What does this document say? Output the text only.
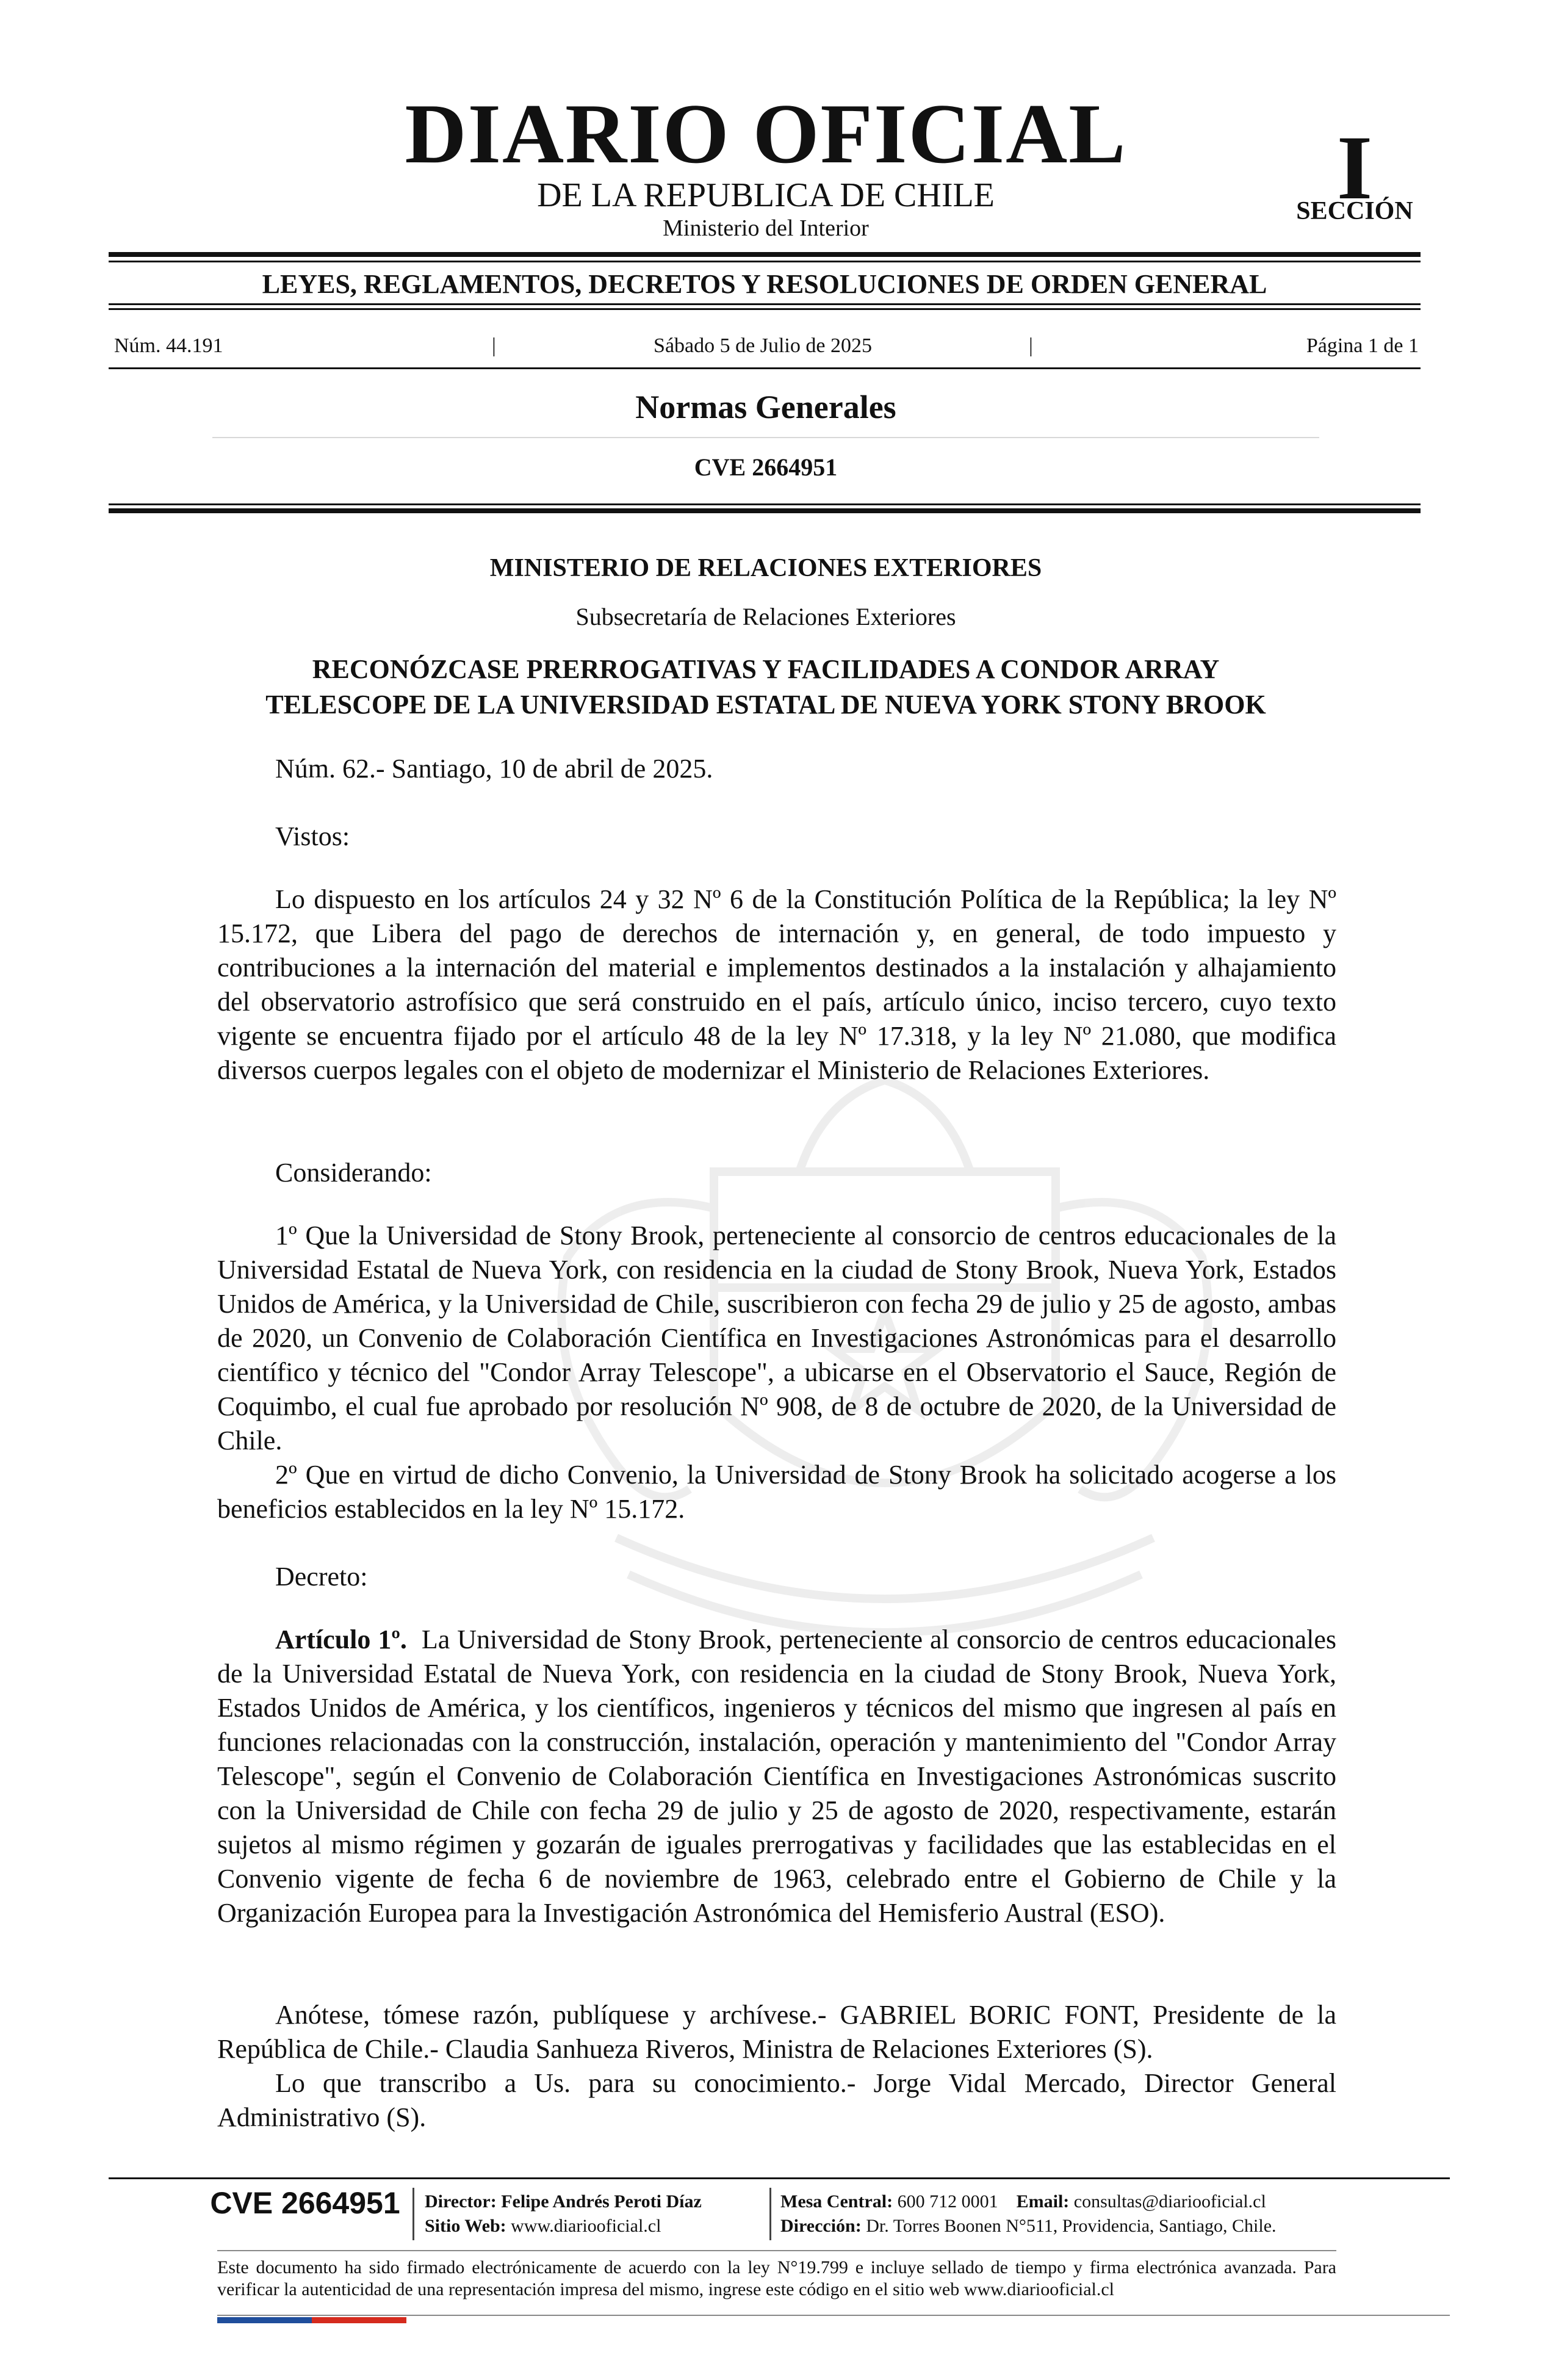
DIARIO OFICIAL
DE LA REPUBLICA DE CHILE
Ministerio del Interior
I
SECCIÓN
LEYES, REGLAMENTOS, DECRETOS Y RESOLUCIONES DE ORDEN GENERAL
Núm. 44.191	|	Sábado 5 de Julio de 2025	|	Página 1 de 1
Normas Generales
CVE 2664951
MINISTERIO DE RELACIONES EXTERIORES
Subsecretaría de Relaciones Exteriores
RECONÓZCASE PRERROGATIVAS Y FACILIDADES A CONDOR ARRAY
TELESCOPE DE LA UNIVERSIDAD ESTATAL DE NUEVA YORK STONY BROOK

Núm. 62.- Santiago, 10 de abril de 2025.

Vistos:

Lo dispuesto en los artículos 24 y 32 Nº 6 de la Constitución Política de la República; la ley Nº 15.172, que Libera del pago de derechos de internación y, en general, de todo impuesto y contribuciones a la internación del material e implementos destinados a la instalación y alhajamiento del observatorio astrofísico que será construido en el país, artículo único, inciso tercero, cuyo texto vigente se encuentra fijado por el artículo 48 de la ley Nº 17.318, y la ley Nº 21.080, que modifica diversos cuerpos legales con el objeto de modernizar el Ministerio de Relaciones Exteriores.

Considerando:

1º Que la Universidad de Stony Brook, perteneciente al consorcio de centros educacionales de la Universidad Estatal de Nueva York, con residencia en la ciudad de Stony Brook, Nueva York, Estados Unidos de América, y la Universidad de Chile, suscribieron con fecha 29 de julio y 25 de agosto, ambas de 2020, un Convenio de Colaboración Científica en Investigaciones Astronómicas para el desarrollo científico y técnico del "Condor Array Telescope", a ubicarse en el Observatorio el Sauce, Región de Coquimbo, el cual fue aprobado por resolución Nº 908, de 8 de octubre de 2020, de la Universidad de Chile.

2º Que en virtud de dicho Convenio, la Universidad de Stony Brook ha solicitado acogerse a los beneficios establecidos en la ley Nº 15.172.

Decreto:

Artículo 1º. La Universidad de Stony Brook, perteneciente al consorcio de centros educacionales de la Universidad Estatal de Nueva York, con residencia en la ciudad de Stony Brook, Nueva York, Estados Unidos de América, y los científicos, ingenieros y técnicos del mismo que ingresen al país en funciones relacionadas con la construcción, instalación, operación y mantenimiento del "Condor Array Telescope", según el Convenio de Colaboración Científica en Investigaciones Astronómicas suscrito con la Universidad de Chile con fecha 29 de julio y 25 de agosto de 2020, respectivamente, estarán sujetos al mismo régimen y gozarán de iguales prerrogativas y facilidades que las establecidas en el Convenio vigente de fecha 6 de noviembre de 1963, celebrado entre el Gobierno de Chile y la Organización Europea para la Investigación Astronómica del Hemisferio Austral (ESO).

Anótese, tómese razón, publíquese y archívese.- GABRIEL BORIC FONT, Presidente de la República de Chile.- Claudia Sanhueza Riveros, Ministra de Relaciones Exteriores (S).

Lo que transcribo a Us. para su conocimiento.- Jorge Vidal Mercado, Director General Administrativo (S).

CVE 2664951 Director: Felipe Andrés Peroti Díaz
Sitio Web: www.diariooficial.cl
Mesa Central: 600 712 0001 Email: consultas@diariooficial.cl
Dirección: Dr. Torres Boonen N°511, Providencia, Santiago, Chile.
Este documento ha sido firmado electrónicamente de acuerdo con la ley N°19.799 e incluye sellado de tiempo y firma electrónica avanzada. Para verificar la autenticidad de una representación impresa del mismo, ingrese este código en el sitio web www.diariooficial.cl
